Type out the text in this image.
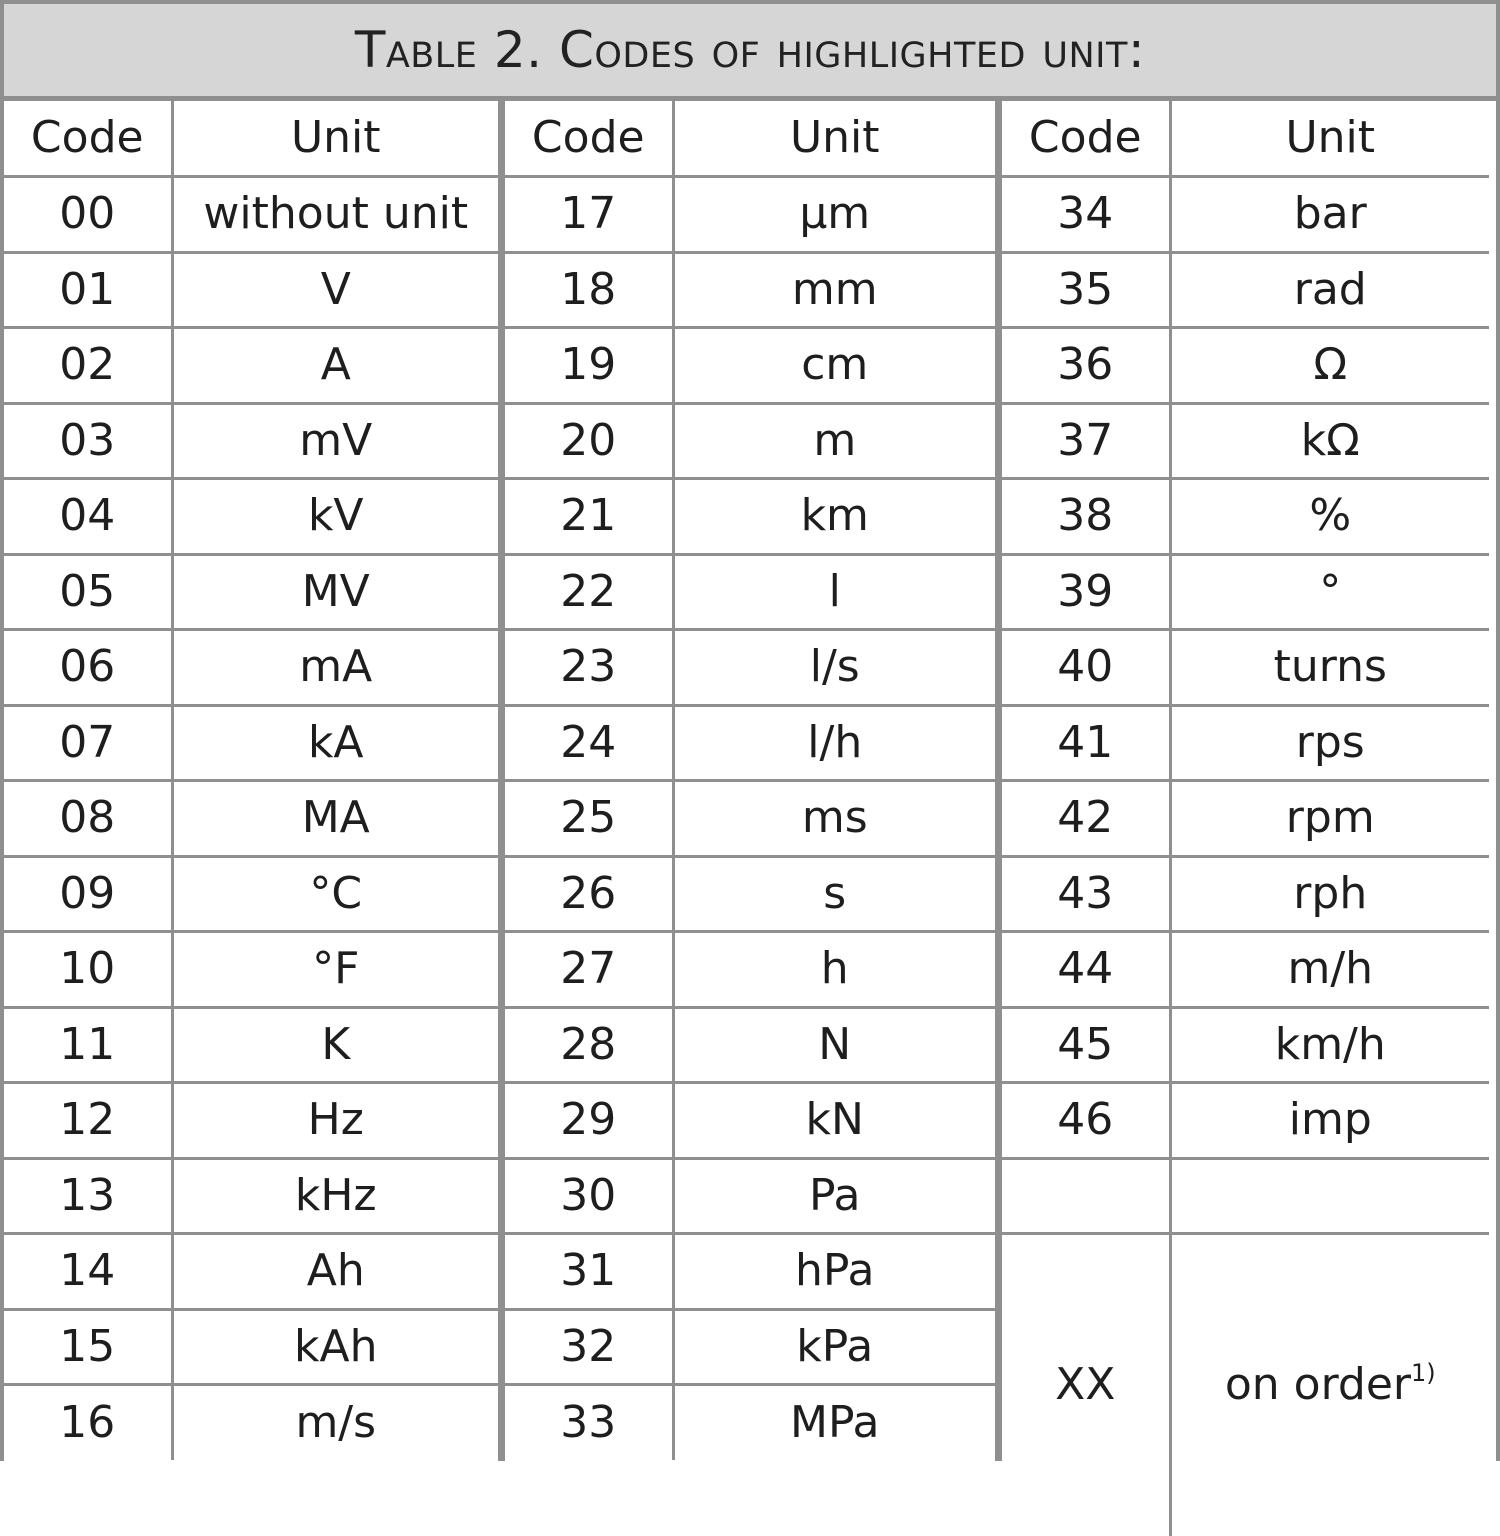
Table 2.
Codes of highlighted unit:
Code	Unit
00	without unit
01	V
02	A
03	mV
04	kV
05	MV
06	mA
07	kA
08	MA
09	°C
10	°F
11	K
12	Hz
13	kHz
14	Ah
15	kAh
16	m/s
Code	Unit
17	µm
18	mm
19	cm
20	m
21	km
22	l
23	l/s
24	l/h
25	ms
26	s
27	h
28	N
29	kN
30	Pa
31	hPa
32	kPa
33	MPa
Code	Unit
34	bar
35	rad
36	Ω
37	kΩ
38	%
39	°
40	turns
41	rps
42	rpm
43	rph
44	m/h
45	km/h
46	imp

XX	on order$^{1)}$
